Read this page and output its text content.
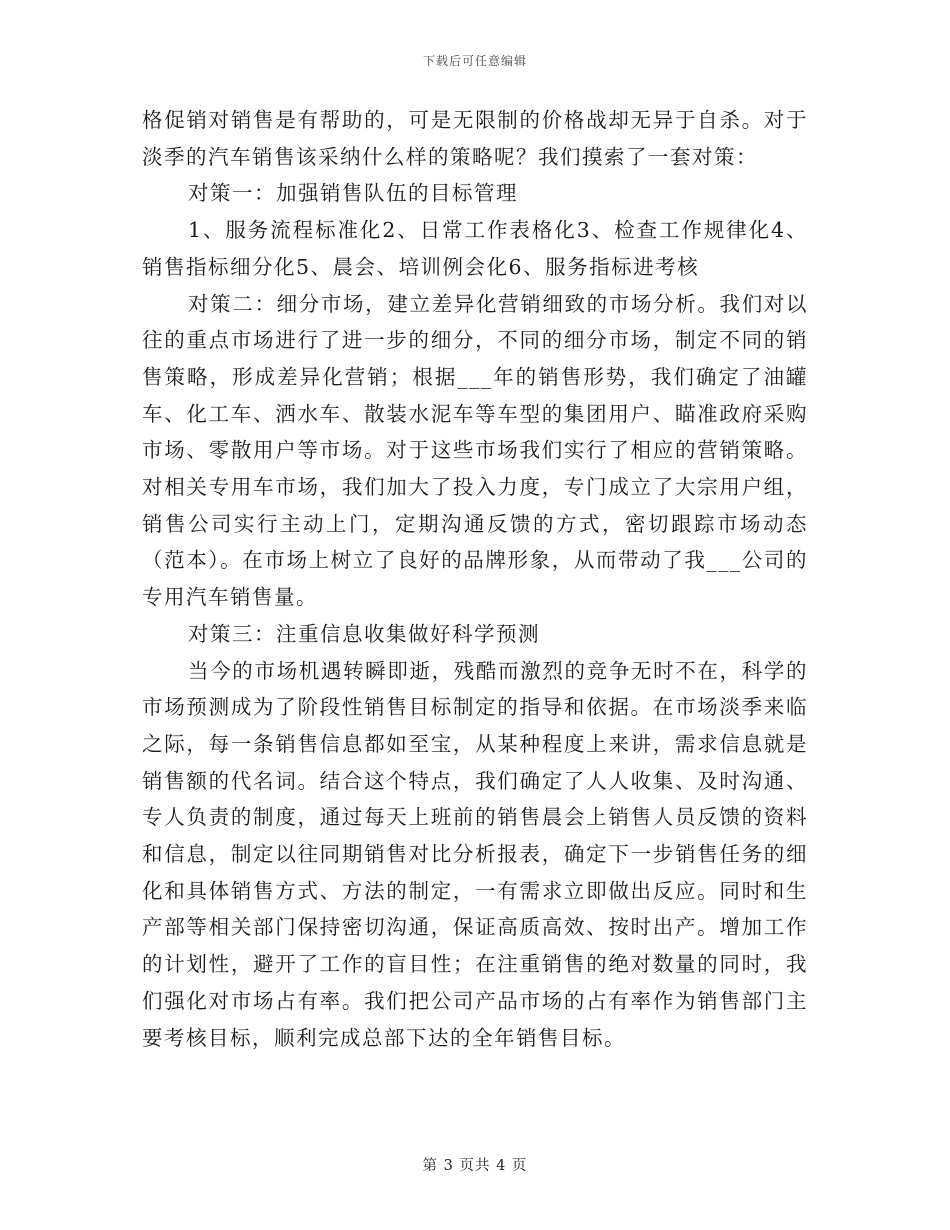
下载后可任意编辑

格促销对销售是有帮助的，可是无限制的价格战却无异于自杀。对于淡季的汽车销售该采纳什么样的策略呢？我们摸索了一套对策：

对策一：加强销售队伍的目标管理

1、服务流程标准化2、日常工作表格化3、检查工作规律化4、销售指标细分化5、晨会、培训例会化6、服务指标进考核

对策二：细分市场，建立差异化营销细致的市场分析。我们对以往的重点市场进行了进一步的细分，不同的细分市场，制定不同的销售策略，形成差异化营销；根据___年的销售形势，我们确定了油罐车、化工车、洒水车、散装水泥车等车型的集团用户、瞄准政府采购市场、零散用户等市场。对于这些市场我们实行了相应的营销策略。对相关专用车市场，我们加大了投入力度，专门成立了大宗用户组，销售公司实行主动上门，定期沟通反馈的方式，密切跟踪市场动态（范本）。在市场上树立了良好的品牌形象，从而带动了我___公司的专用汽车销售量。

对策三：注重信息收集做好科学预测

当今的市场机遇转瞬即逝，残酷而激烈的竞争无时不在，科学的市场预测成为了阶段性销售目标制定的指导和依据。在市场淡季来临之际，每一条销售信息都如至宝，从某种程度上来讲，需求信息就是销售额的代名词。结合这个特点，我们确定了人人收集、及时沟通、专人负责的制度，通过每天上班前的销售晨会上销售人员反馈的资料和信息，制定以往同期销售对比分析报表，确定下一步销售任务的细化和具体销售方式、方法的制定，一有需求立即做出反应。同时和生产部等相关部门保持密切沟通，保证高质高效、按时出产。增加工作的计划性，避开了工作的盲目性；在注重销售的绝对数量的同时，我们强化对市场占有率。我们把公司产品市场的占有率作为销售部门主要考核目标，顺利完成总部下达的全年销售目标。

第 3 页共 4 页
